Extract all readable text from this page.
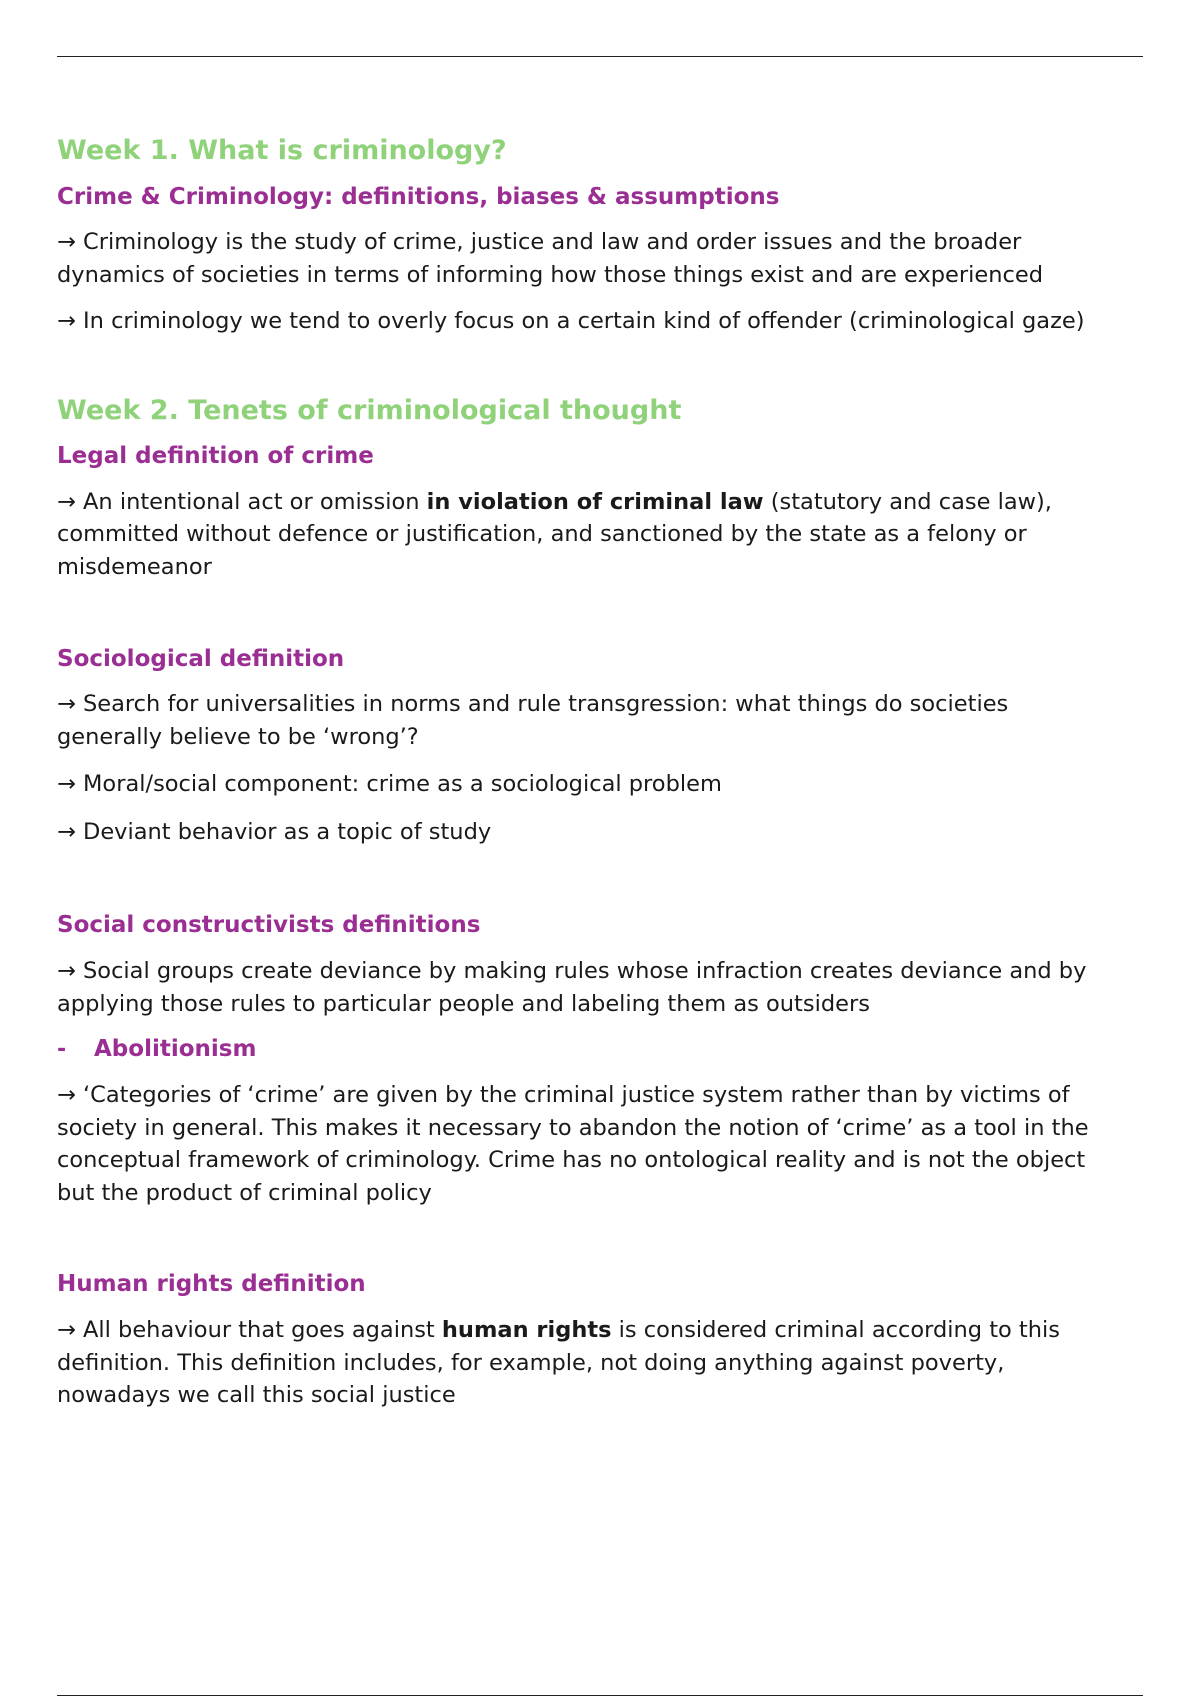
Week 1. What is criminology?
Crime & Criminology: definitions, biases & assumptions

→ Criminology is the study of crime, justice and law and order issues and the broader

dynamics of societies in terms of informing how those things exist and are experienced

→ In criminology we tend to overly focus on a certain kind of offender (criminological gaze)

Week 2. Tenets of criminological thought
Legal definition of crime

→ An intentional act or omission in violation of criminal law (statutory and case law),

committed without defence or justification, and sanctioned by the state as a felony or

misdemeanor

Sociological definition

→ Search for universalities in norms and rule transgression: what things do societies

generally believe to be ‘wrong’?

→ Moral/social component: crime as a sociological problem

→ Deviant behavior as a topic of study

Social constructivists definitions

→ Social groups create deviance by making rules whose infraction creates deviance and by

applying those rules to particular people and labeling them as outsiders

-	Abolitionism

→ ‘Categories of ‘crime’ are given by the criminal justice system rather than by victims of

society in general. This makes it necessary to abandon the notion of ‘crime’ as a tool in the

conceptual framework of criminology. Crime has no ontological reality and is not the object

but the product of criminal policy

Human rights definition

→ All behaviour that goes against human rights is considered criminal according to this

definition. This definition includes, for example, not doing anything against poverty,

nowadays we call this social justice
